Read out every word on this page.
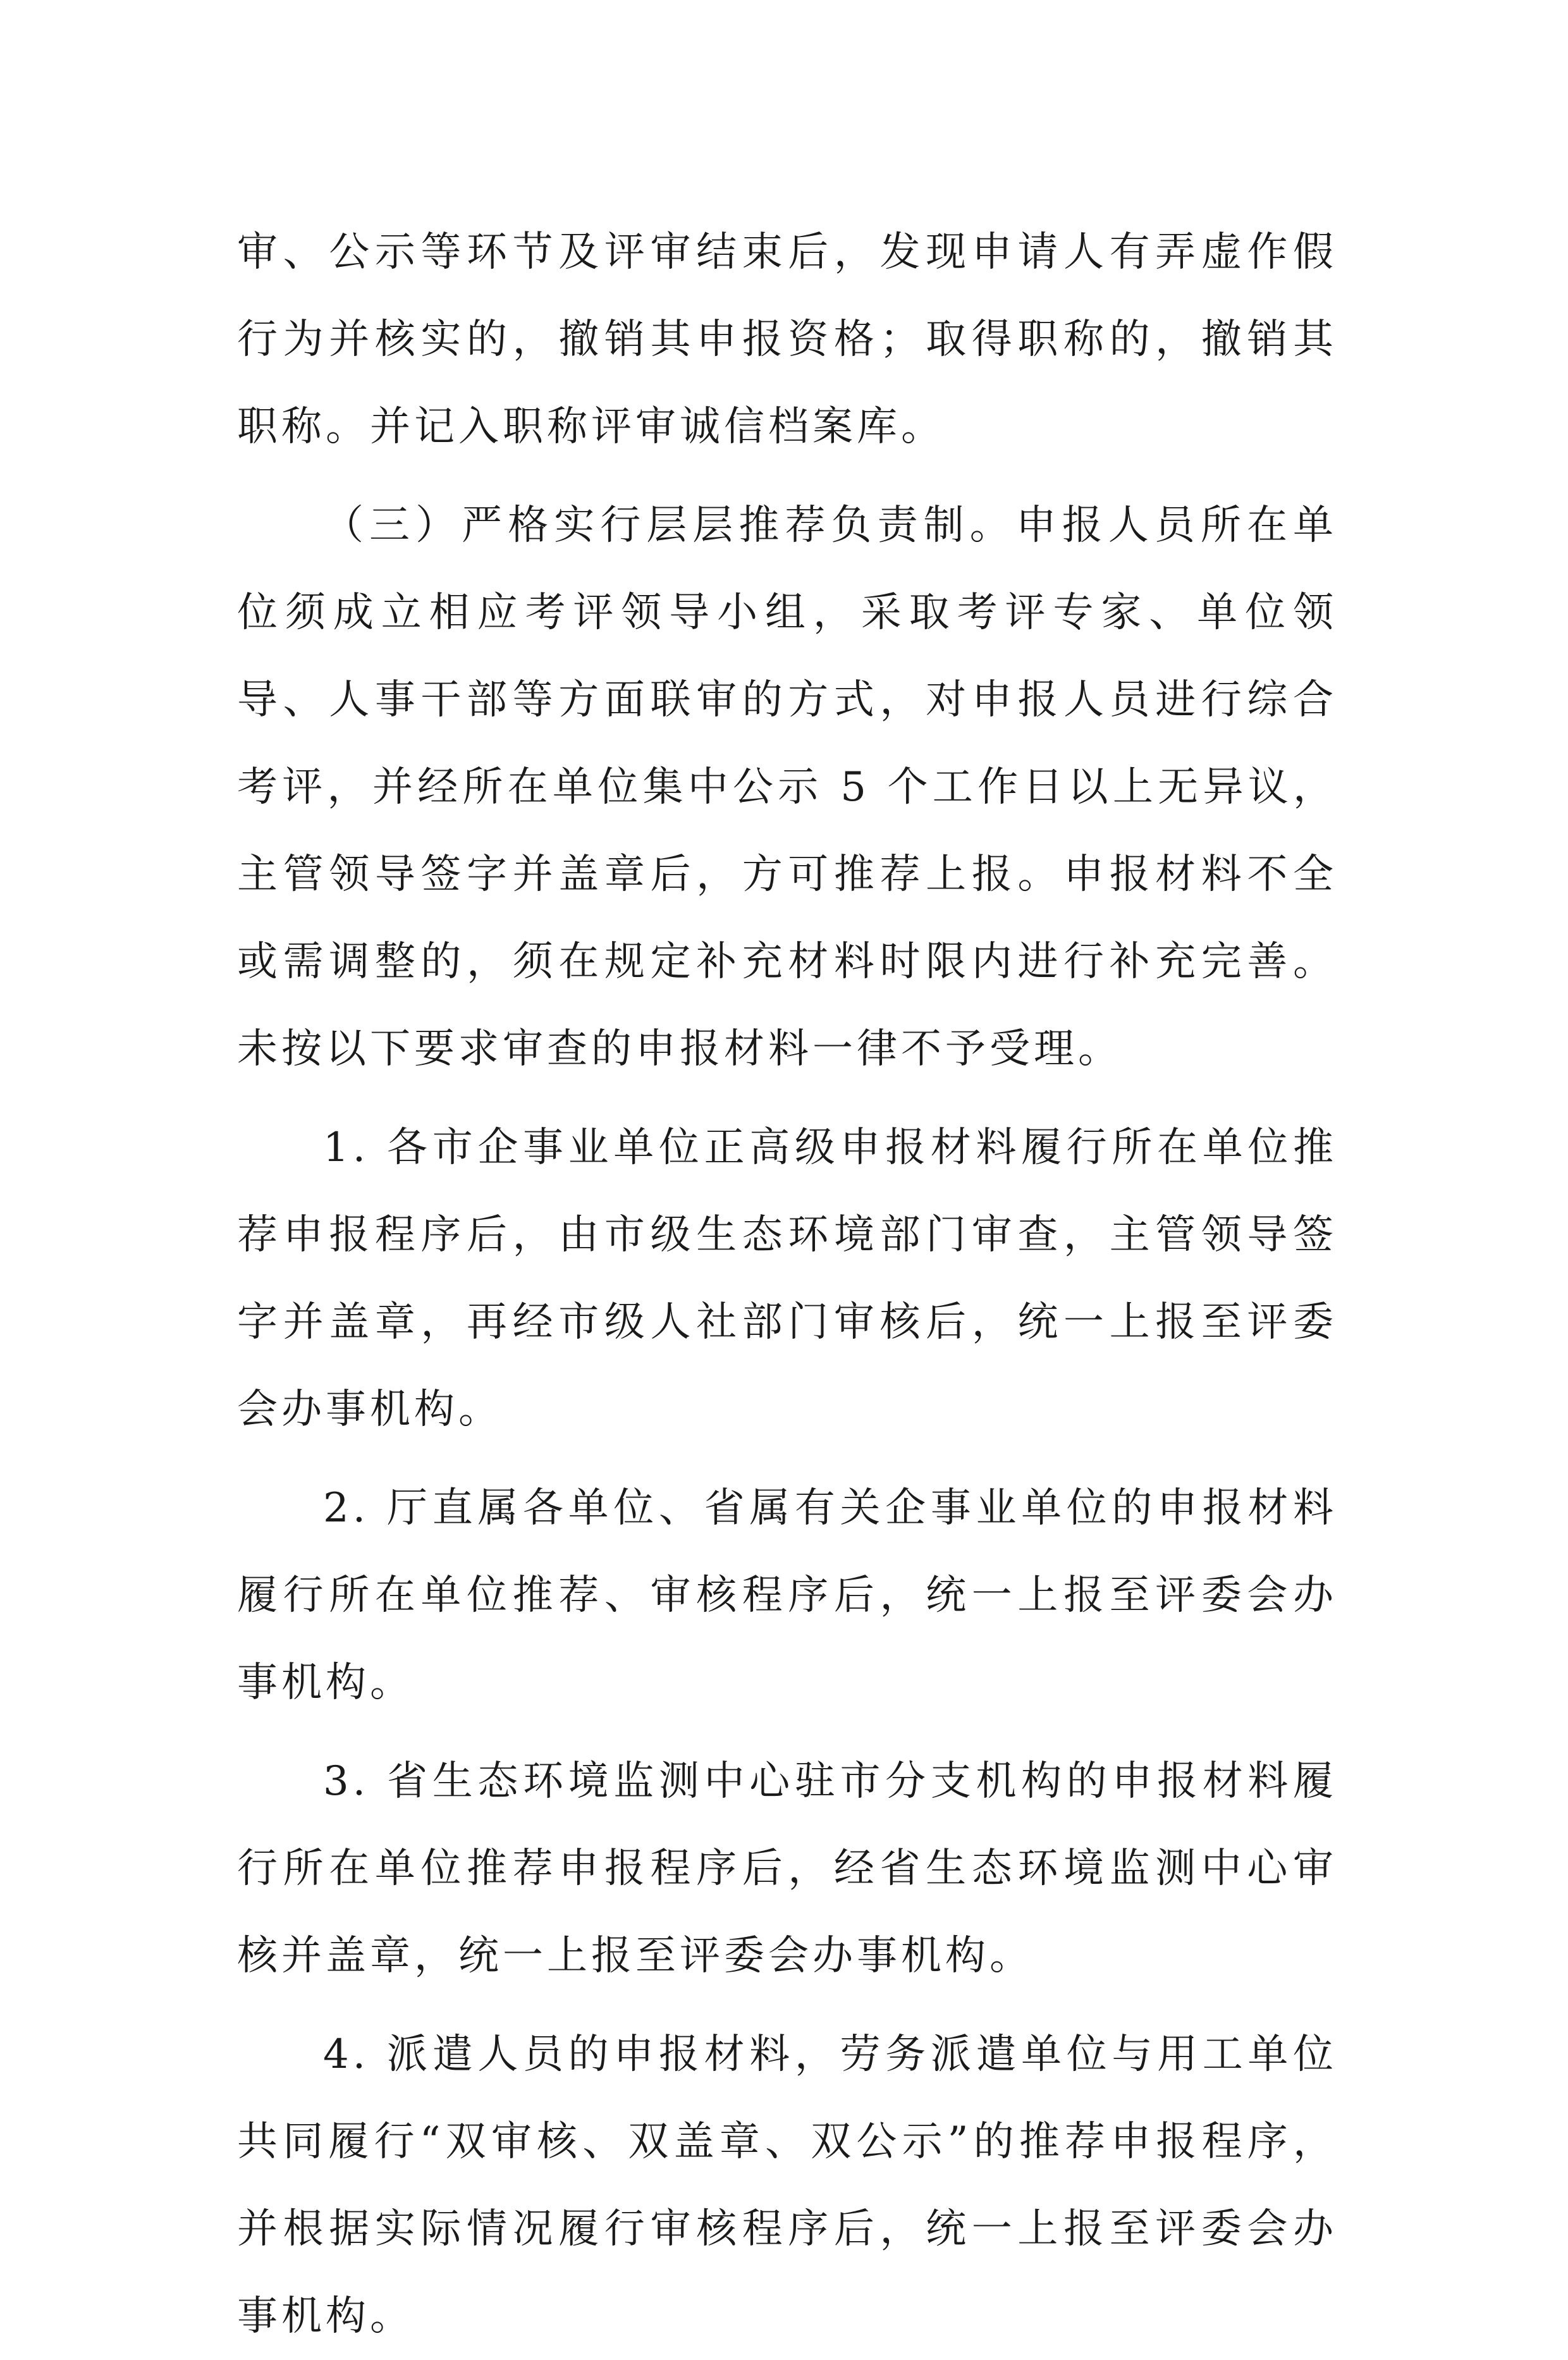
审、公示等环节及评审结束后，发现申请人有弄虚作假行为并核实的，撤销其申报资格；取得职称的，撤销其职称。并记入职称评审诚信档案库。

（三）严格实行层层推荐负责制。申报人员所在单位须成立相应考评领导小组，采取考评专家、单位领导、人事干部等方面联审的方式，对申报人员进行综合考评，并经所在单位集中公示 5 个工作日以上无异议，主管领导签字并盖章后，方可推荐上报。申报材料不全或需调整的，须在规定补充材料时限内进行补充完善。未按以下要求审查的申报材料一律不予受理。

1. 各市企事业单位正高级申报材料履行所在单位推荐申报程序后，由市级生态环境部门审查，主管领导签字并盖章，再经市级人社部门审核后，统一上报至评委会办事机构。

2. 厅直属各单位、省属有关企事业单位的申报材料履行所在单位推荐、审核程序后，统一上报至评委会办事机构。

3. 省生态环境监测中心驻市分支机构的申报材料履行所在单位推荐申报程序后，经省生态环境监测中心审核并盖章，统一上报至评委会办事机构。

4. 派遣人员的申报材料，劳务派遣单位与用工单位共同履行“双审核、双盖章、双公示”的推荐申报程序，并根据实际情况履行审核程序后，统一上报至评委会办事机构。
